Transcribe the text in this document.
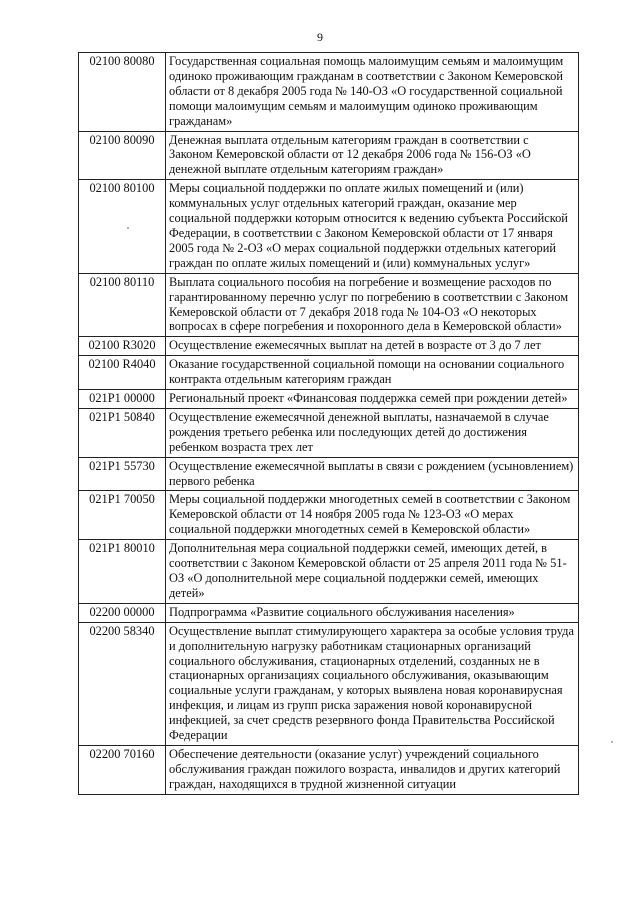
9
02100 80080	Государственная социальная помощь малоимущим семьям и малоимущим одиноко проживающим гражданам в соответствии с Законом Кемеровской области от 8 декабря 2005 года № 140-ОЗ «О государственной социальной помощи малоимущим семьям и малоимущим одиноко проживающим гражданам»
02100 80090	Денежная выплата отдельным категориям граждан в соответствии с Законом Кемеровской области от 12 декабря 2006 года № 156-ОЗ «О денежной выплате отдельным категориям граждан»
02100 80100	Меры социальной поддержки по оплате жилых помещений и (или) коммунальных услуг отдельных категорий граждан, оказание мер социальной поддержки которым относится к ведению субъекта Российской Федерации, в соответствии с Законом Кемеровской области от 17 января 2005 года № 2-ОЗ «О мерах социальной поддержки отдельных категорий граждан по оплате жилых помещений и (или) коммунальных услуг»
02100 80110	Выплата социального пособия на погребение и возмещение расходов по гарантированному перечню услуг по погребению в соответствии с Законом Кемеровской области от 7 декабря 2018 года № 104-ОЗ «О некоторых вопросах в сфере погребения и похоронного дела в Кемеровской области»
02100 R3020	Осуществление ежемесячных выплат на детей в возрасте от 3 до 7 лет
02100 R4040	Оказание государственной социальной помощи на основании социального контракта отдельным категориям граждан
021P1 00000	Региональный проект «Финансовая поддержка семей при рождении детей»
021P1 50840	Осуществление ежемесячной денежной выплаты, назначаемой в случае рождения третьего ребенка или последующих детей до достижения ребенком возраста трех лет
021P1 55730	Осуществление ежемесячной выплаты в связи с рождением (усыновлением) первого ребенка
021P1 70050	Меры социальной поддержки многодетных семей в соответствии с Законом Кемеровской области от 14 ноября 2005 года № 123-ОЗ «О мерах социальной поддержки многодетных семей в Кемеровской области»
021P1 80010	Дополнительная мера социальной поддержки семей, имеющих детей, в соответствии с Законом Кемеровской области от 25 апреля 2011 года № 51-ОЗ «О дополнительной мере социальной поддержки семей, имеющих детей»
02200 00000	Подпрограмма «Развитие социального обслуживания населения»
02200 58340	Осуществление выплат стимулирующего характера за особые условия труда и дополнительную нагрузку работникам стационарных организаций социального обслуживания, стационарных отделений, созданных не в стационарных организациях социального обслуживания, оказывающим социальные услуги гражданам, у которых выявлена новая коронавирусная инфекция, и лицам из групп риска заражения новой коронавирусной инфекцией, за счет средств резервного фонда Правительства Российской Федерации
02200 70160	Обеспечение деятельности (оказание услуг) учреждений социального обслуживания граждан пожилого возраста, инвалидов и других категорий граждан, находящихся в трудной жизненной ситуации
